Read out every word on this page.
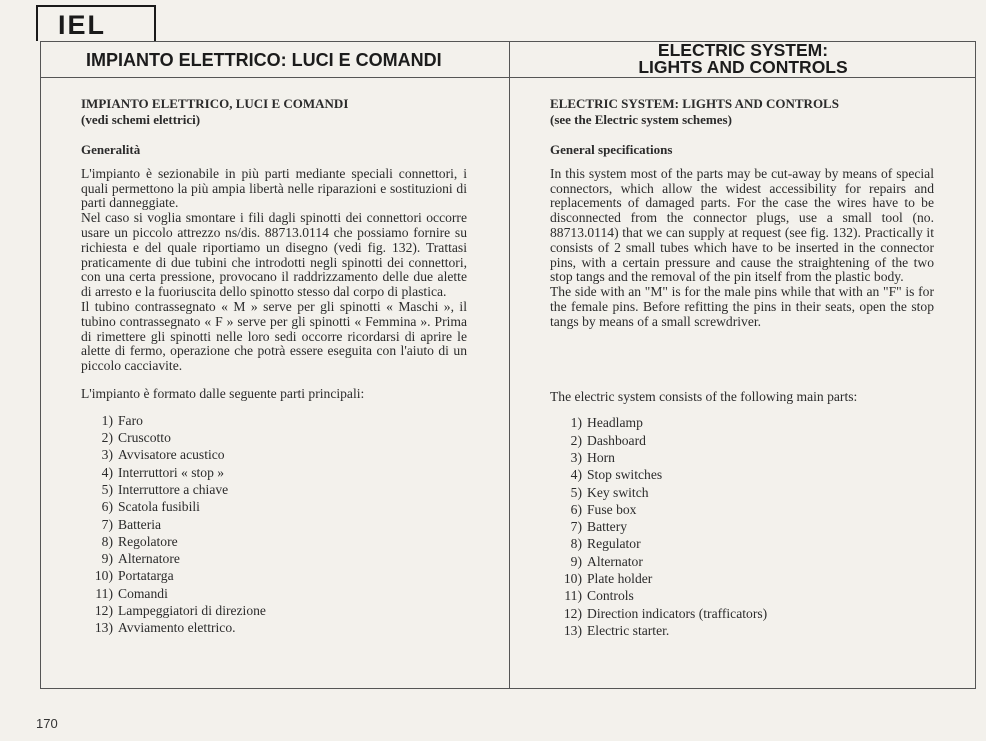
IEL
IMPIANTO ELETTRICO: LUCI E COMANDI	ELECTRIC SYSTEM:
LIGHTS AND CONTROLS
IMPIANTO ELETTRICO, LUCI E COMANDI
(vedi schemi elettrici)
Generalità

L'impianto è sezionabile in più parti mediante speciali connettori, i quali permettono la più ampia libertà nelle riparazioni e sostituzioni di parti danneggiate.

Nel caso si voglia smontare i fili dagli spinotti dei connettori occorre usare un piccolo attrezzo ns/dis. 88713.0114 che possiamo fornire su richiesta e del quale riportiamo un disegno (vedi fig. 132). Trattasi praticamente di due tubini che introdotti negli spinotti dei connettori, con una certa pressione, provocano il raddrizzamento delle due alette di arresto e la fuoriuscita dello spinotto stesso dal corpo di plastica.

Il tubino contrassegnato « M » serve per gli spinotti « Maschi », il tubino contrassegnato « F » serve per gli spinotti « Femmina ». Prima di rimettere gli spinotti nelle loro sedi occorre ricordarsi di aprire le alette di fermo, operazione che potrà essere eseguita con l'aiuto di un piccolo cacciavite.

L'impianto è formato dalle seguente parti principali:
1) Faro
2) Cruscotto
3) Avvisatore acustico
4) Interruttori « stop »
5) Interruttore a chiave
6) Scatola fusibili
7) Batteria
8) Regolatore
9) Alternatore
10) Portatarga
11) Comandi
12) Lampeggiatori di direzione
13) Avviamento elettrico.
ELECTRIC SYSTEM: LIGHTS AND CONTROLS
(see the Electric system schemes)
General specifications

In this system most of the parts may be cut-away by means of special connectors, which allow the widest accessibility for repairs and replacements of damaged parts. For the case the wires have to be disconnected from the connector plugs, use a small tool (no. 88713.0114) that we can supply at request (see fig. 132). Practically it consists of 2 small tubes which have to be inserted in the connector pins, with a certain pressure and cause the straightening of the two stop tangs and the removal of the pin itself from the plastic body.

The side with an "M" is for the male pins while that with an "F" is for the female pins. Before refitting the pins in their seats, open the stop tangs by means of a small screwdriver.

The electric system consists of the following main parts:
1) Headlamp
2) Dashboard
3) Horn
4) Stop switches
5) Key switch
6) Fuse box
7) Battery
8) Regulator
9) Alternator
10) Plate holder
11) Controls
12) Direction indicators (trafficators)
13) Electric starter.
170
